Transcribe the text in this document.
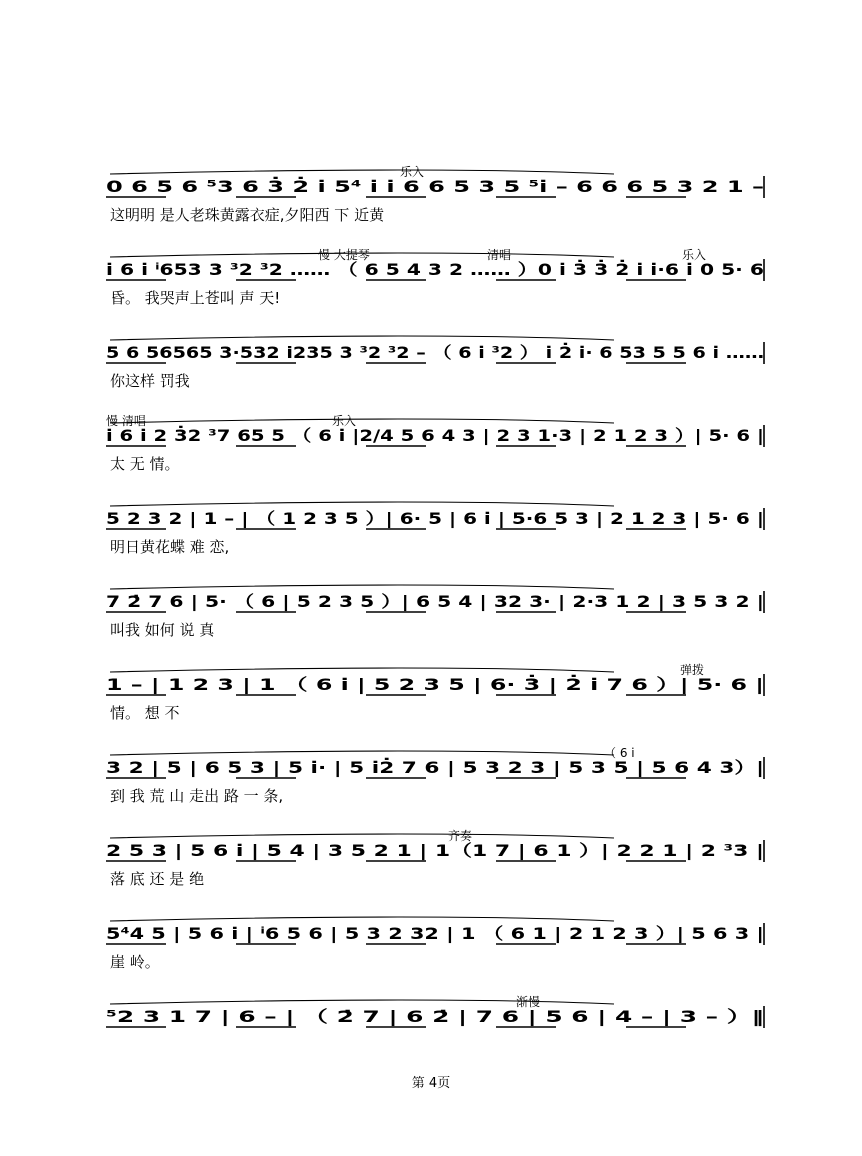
乐入
0 6 5 6 ⁵3 6 3̇ 2̇ i̇ 5⁴ i̇ i̇ 6 6 5 3 5 ⁵i̇ – 6 6 6 5 3 2 1 –
这明明 是人老珠黄露衣症,夕阳西 下 近黄
慢 大提琴	清唱	乐入
i̇ 6 i̇ ⁱ653 3 ³2 ³2 …… （ 6 5 4 3 2 …… ）0 i̇ 3̇ 3̇ 2̇ i̇ i̇·6 i̇ 0 5· 6
昏。 我哭声上苍叫 声 天!
5 6 56565 3·532 i235 3 ³2 ³2 – （ 6 i̇ ³2 ） i̇ 2̇ i̇· 6 53 5 5 6 i̇ ……
你这样 罚我
慢 清唱	乐入
i̇ 6 i̇ 2 3̇2 ³7 65 5 （ 6 i̇ |2/4 5 6 4 3 | 2 3 1·3 | 2 1 2 3 ）| 5· 6 |
太 无 情。
5 2 3 2 | 1 – | （ 1 2 3 5 ）| 6· 5 | 6 i̇ | 5·6 5 3 | 2 1 2 3 | 5· 6 |
明日黄花蝶 难 恋,
7 2̇ 7 6 | 5· （ 6 | 5 2 3 5 ）| 6 5 4 | 32 3· | 2·3 1 2 | 3 5 3 2 |
叫我 如何 说 真
弹拨
1 – | 1 2 3 | 1 （ 6 i̇ | 5 2 3 5 | 6· 3̇ | 2̇ i̇ 7 6 ）| 5· 6 |
情。 想 不
（ 6 i̇
3 2 | 5 | 6 5 3 | 5 i̇· | 5 i̇2̇ 7 6 | 5 3 2 3 | 5 3 5 | 5 6 4 3）|
到 我 荒 山 走出 路 一 条,
齐奏
2 5 3 | 5 6 i̇ | 5 4 | 3 5 2 1 | 1（1 7 | 6 1 ）| 2 2 1 | 2 ³3 |
落 底 还 是 绝
5⁴4 5 | 5 6 i̇ | ⁱ6 5 6 | 5 3 2 32 | 1 （ 6 1 | 2 1 2 3 ）| 5 6 3 |
崖 岭。
渐慢
⁵2 3 1 7 | 6 – | （ 2̇ 7 | 6 2̇ | 7 6 | 5 6 | 4 – | 3 – ）‖
第 4页
